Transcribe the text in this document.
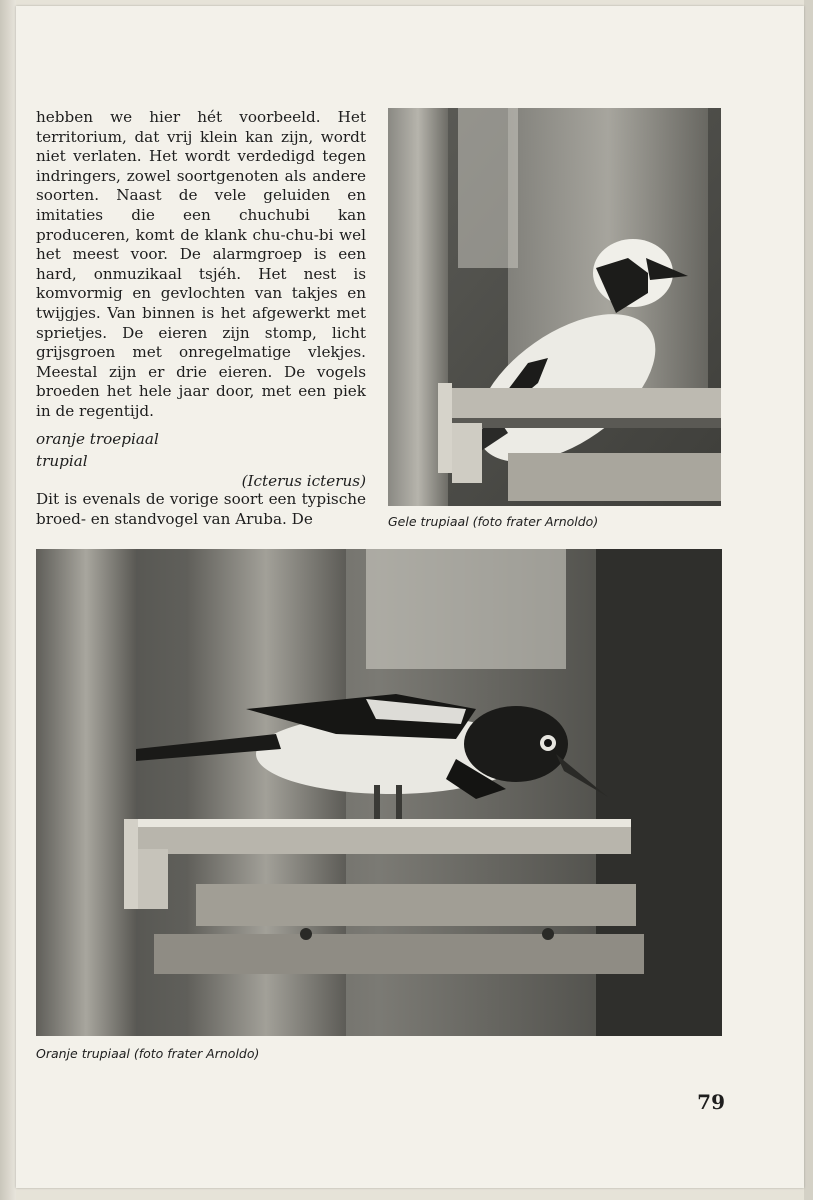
hebben we hier hét voorbeeld. Het territorium, dat vrij klein kan zijn, wordt niet verlaten. Het wordt verdedigd tegen indringers, zowel soortgenoten als andere soorten. Naast de vele geluiden en imitaties die een chuchubi kan produceren, komt de klank chu-chu-bi wel het meest voor. De alarmgroep is een hard, onmuzikaal tsjéh. Het nest is komvormig en gevlochten van takjes en twijgjes. Van binnen is het afgewerkt met sprietjes. De eieren zijn stomp, licht grijsgroen met onregelmatige vlekjes. Meestal zijn er drie eieren. De vogels broeden het hele jaar door, met een piek in de regentijd.

oranje troepiaal
trupial
(Icterus icterus)

Dit is evenals de vorige soort een typische broed- en standvogel van Aruba. De	Gele trupiaal (foto frater Arnoldo)
Oranje trupiaal (foto frater Arnoldo)
79
